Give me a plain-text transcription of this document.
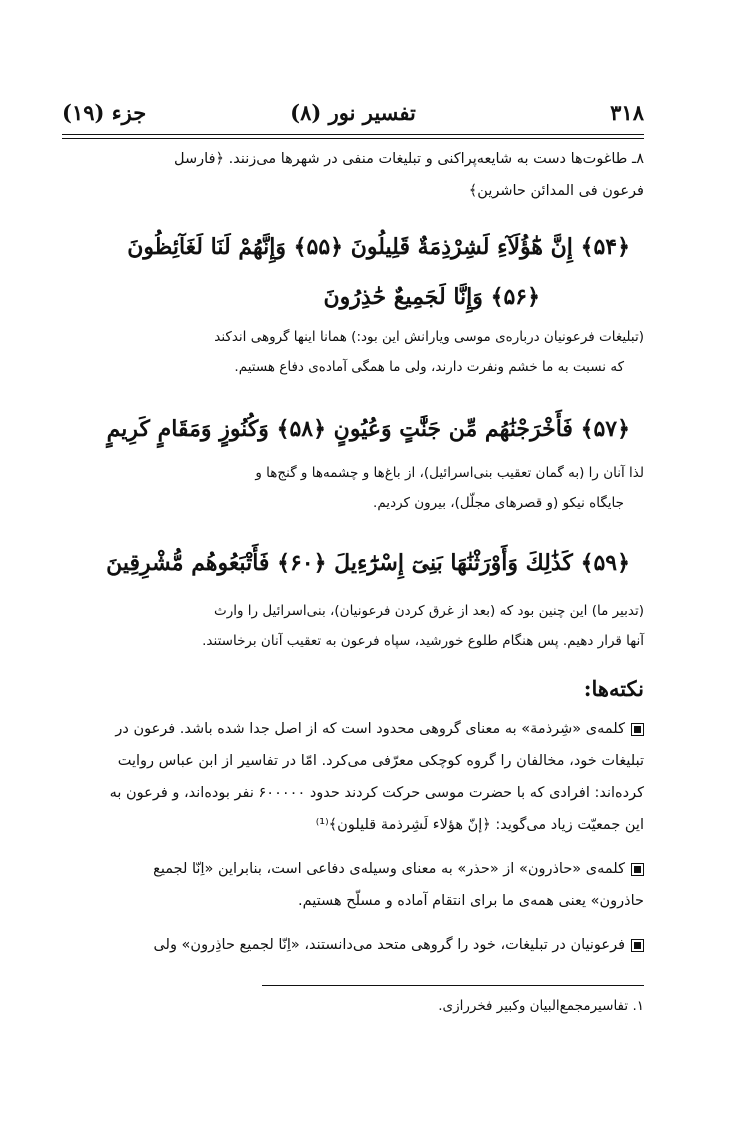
۳۱۸
تفسیر نور (۸)
جزء (۱۹)
۸ـ طاغوت‌ها دست به شایعه‌پراکنی و تبلیغات منفی در شهرها می‌زنند. ﴿فارسل
فرعون فی المدائن حاشرین﴾
﴿۵۴﴾ إِنَّ هَٰٓؤُلَآءِ لَشِرْذِمَةٌ قَلِيلُونَ ﴿۵۵﴾ وَإِنَّهُمْ لَنَا لَغَآئِظُونَ
﴿۵۶﴾ وَإِنَّا لَجَمِيعٌ حَٰذِرُونَ
(تبلیغات فرعونیان درباره‌ی موسی ویارانش این بود:) همانا اینها گروهی اندکند
که نسبت به ما خشم ونفرت دارند، ولی ما همگی آماده‌ی دفاع هستیم.
﴿۵۷﴾ فَأَخْرَجْنَٰهُم مِّن جَنَّٰتٍ وَعُيُونٍ ﴿۵۸﴾ وَكُنُوزٍ وَمَقَامٍ كَرِيمٍ
لذا آنان را (به گمان تعقیب بنی‌اسرائیل)، از باغ‌ها و چشمه‌ها و گنج‌ها و
جایگاه نیکو (و قصرهای مجلّل)، بیرون کردیم.
﴿۵۹﴾ كَذَٰلِكَ وَأَوْرَثْنَٰهَا بَنِىٓ إِسْرَٰٓءِيلَ ﴿۶۰﴾ فَأَتْبَعُوهُم مُّشْرِقِينَ
(تدبیر ما) این چنین بود که (بعد از غرق کردن فرعونیان)، بنی‌اسرائیل را وارث
آنها قرار دهیم. پس هنگام طلوع خورشید، سپاه فرعون به تعقیب آنان برخاستند.
نکته‌ها:
کلمه‌ی «شِرذمة» به معنای گروهی محدود است که از اصل جدا شده باشد. فرعون در
تبلیغات خود، مخالفان را گروه کوچکی معرّفی می‌کرد. امّا در تفاسیر از ابن عباس روایت
کرده‌اند: افرادی که با حضرت موسی حرکت کردند حدود ۶۰۰۰۰۰ نفر بوده‌اند، و فرعون به
این جمعیّت زیاد می‌گوید: ﴿إنّ هؤلاء لَشِرذمة قلیلون﴾⁽¹⁾
کلمه‌ی «حاذرون» از «حذر» به معنای وسیله‌ی دفاعی است، بنابراین «اِنّا لجمیع
حاذرون» یعنی همه‌ی ما برای انتقام آماده و مسلّح هستیم.
فرعونیان در تبلیغات، خود را گروهی متحد می‌دانستند، «اِنّا لجمیع حاذِرون» ولی
۱. تفاسیرمجمع‌البیان وکبیر فخررازی.
